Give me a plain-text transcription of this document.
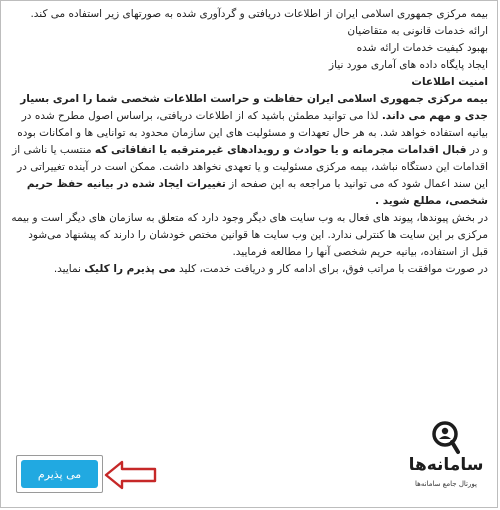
بیمه مرکزی جمهوری اسلامی ایران از اطلاعات دریافتی و گردآوری شده به صورتهای زیر استفاده می کند.

ارائه خدمات قانونی به متقاضیان

بهبود کیفیت خدمات ارائه شده

ایجاد پایگاه داده های آماری مورد نیاز

امنیت اطلاعات

بیمه مرکزی جمهوری اسلامی ایران حفاظت و حراست اطلاعات شخصی شما را امری بسیار جدی و مهم می داند. لذا می توانید مطمئن باشید که از اطلاعات دریافتی، براساس اصول مطرح شده در بیانیه استفاده خواهد شد. به هر حال تعهدات و مسئولیت های این سازمان محدود به توانایی ها و امکانات بوده و در قبال اقدامات مجرمانه و یا حوادث و رویدادهای غیرمترقبه یا اتفاقاتی که منتسب یا ناشی از اقدامات این دستگاه نباشد، بیمه مرکزی مسئولیت و یا تعهدی نخواهد داشت. ممکن است در آینده تغییراتی در این سند اعمال شود که می توانید با مراجعه به این صفحه از تغییرات ایجاد شده در بیانیه حفظ حریم شخصی، مطلع شوید .

در بخش پیوندها، پیوند های فعال به وب سایت های دیگر وجود دارد که متعلق به سازمان های دیگر است و بیمه مرکزی بر این سایت ها کنترلی ندارد. این وب سایت ها قوانین مختص خودشان را دارند که پیشنهاد می‌شود قبل از استفاده، بیانیه حریم شخصی آنها را مطالعه فرمایید.

در صورت موافقت با مراتب فوق، برای ادامه کار و دریافت خدمت، کلید می پذیرم را کلیک نمایید.

می پذیرم	سامانه‌ها
پورتال جامع سامانه‌ها
